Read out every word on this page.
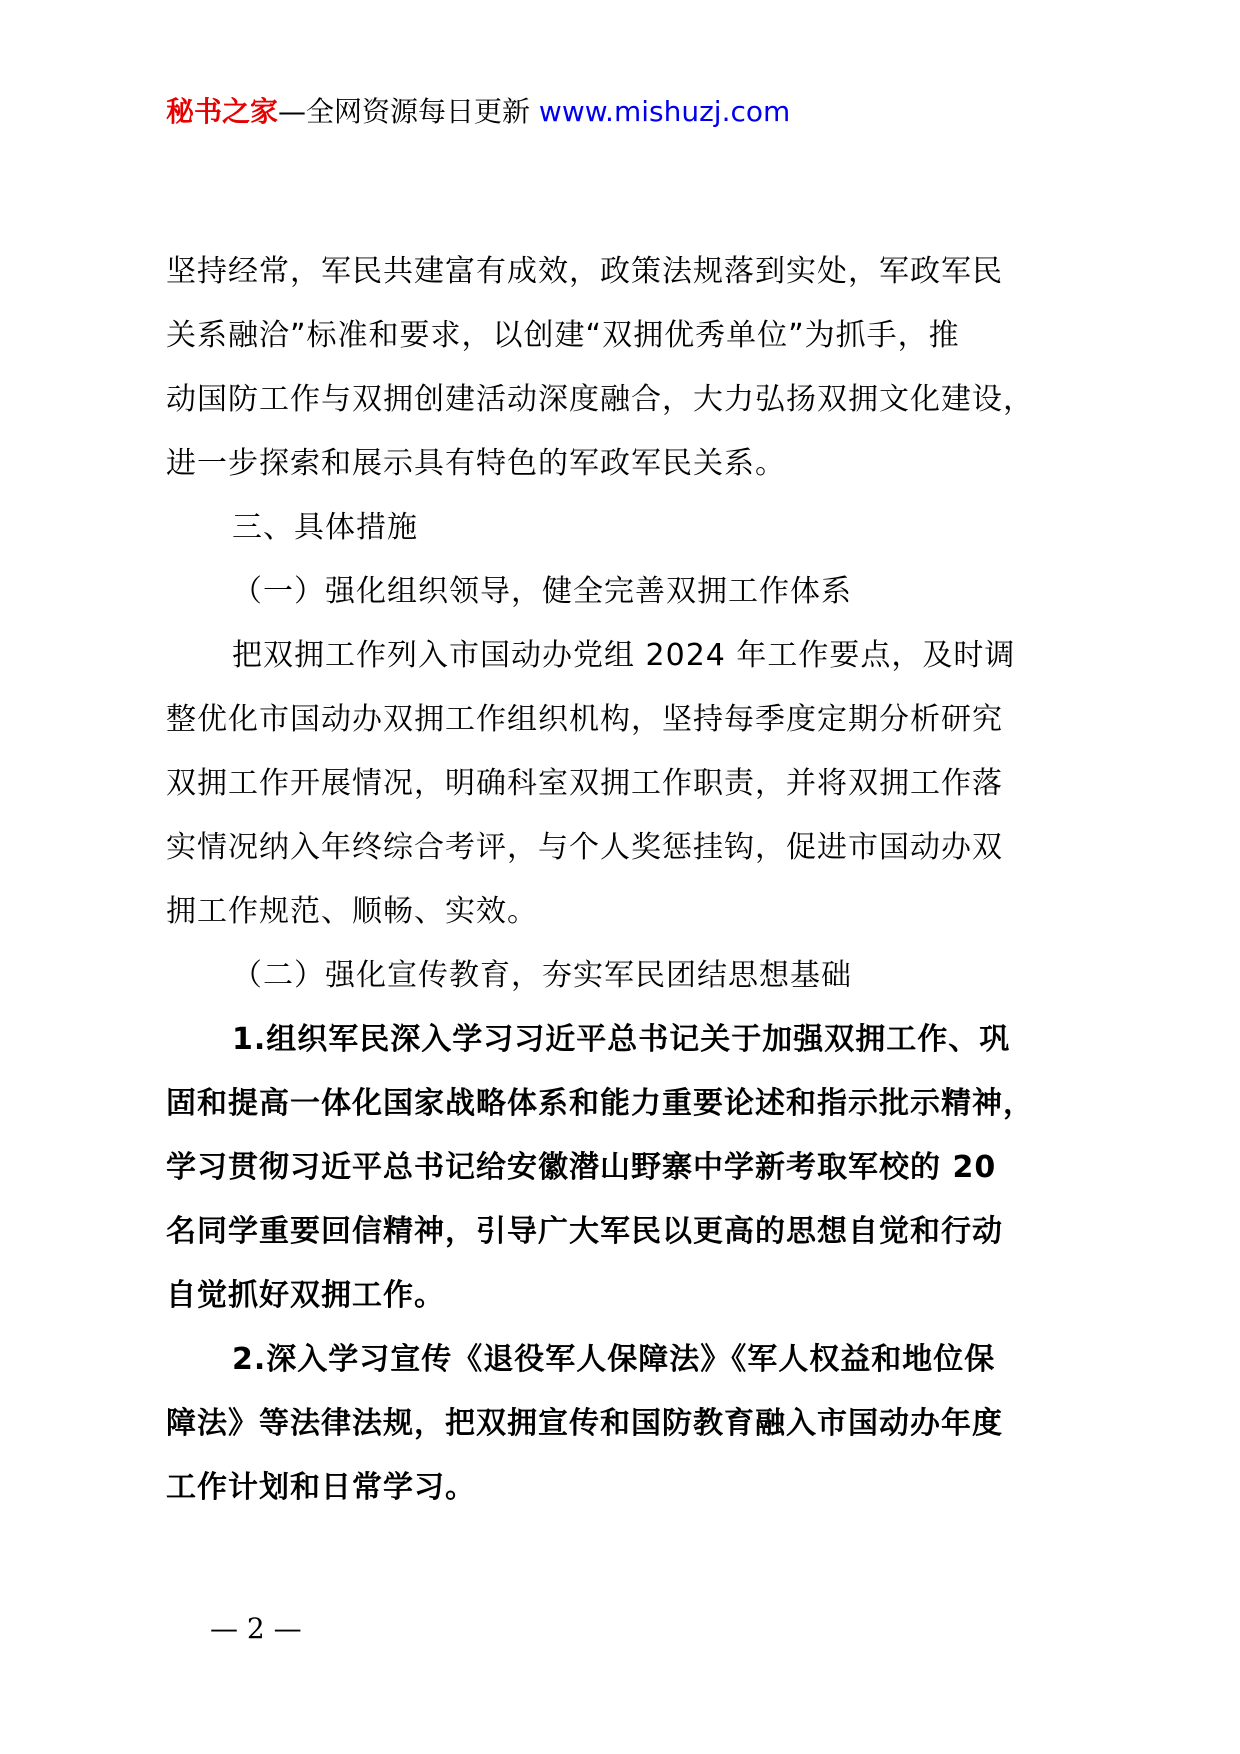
秘书之家—全网资源每日更新 www.mishuzj.com
坚持经常，军民共建富有成效，政策法规落到实处，军政军民
关系融洽”标准和要求，以创建“双拥优秀单位”为抓手，推
动国防工作与双拥创建活动深度融合，大力弘扬双拥文化建设，
进一步探索和展示具有特色的军政军民关系。
三、具体措施
（一）强化组织领导，健全完善双拥工作体系
把双拥工作列入市国动办党组 2024 年工作要点，及时调
整优化市国动办双拥工作组织机构，坚持每季度定期分析研究
双拥工作开展情况，明确科室双拥工作职责，并将双拥工作落
实情况纳入年终综合考评，与个人奖惩挂钩，促进市国动办双
拥工作规范、顺畅、实效。
（二）强化宣传教育，夯实军民团结思想基础
1.组织军民深入学习习近平总书记关于加强双拥工作、巩
固和提高一体化国家战略体系和能力重要论述和指示批示精神，
学习贯彻习近平总书记给安徽潜山野寨中学新考取军校的 20
名同学重要回信精神，引导广大军民以更高的思想自觉和行动
自觉抓好双拥工作。
2.深入学习宣传《退役军人保障法》《军人权益和地位保
障法》等法律法规，把双拥宣传和国防教育融入市国动办年度
工作计划和日常学习。
— 2 —
